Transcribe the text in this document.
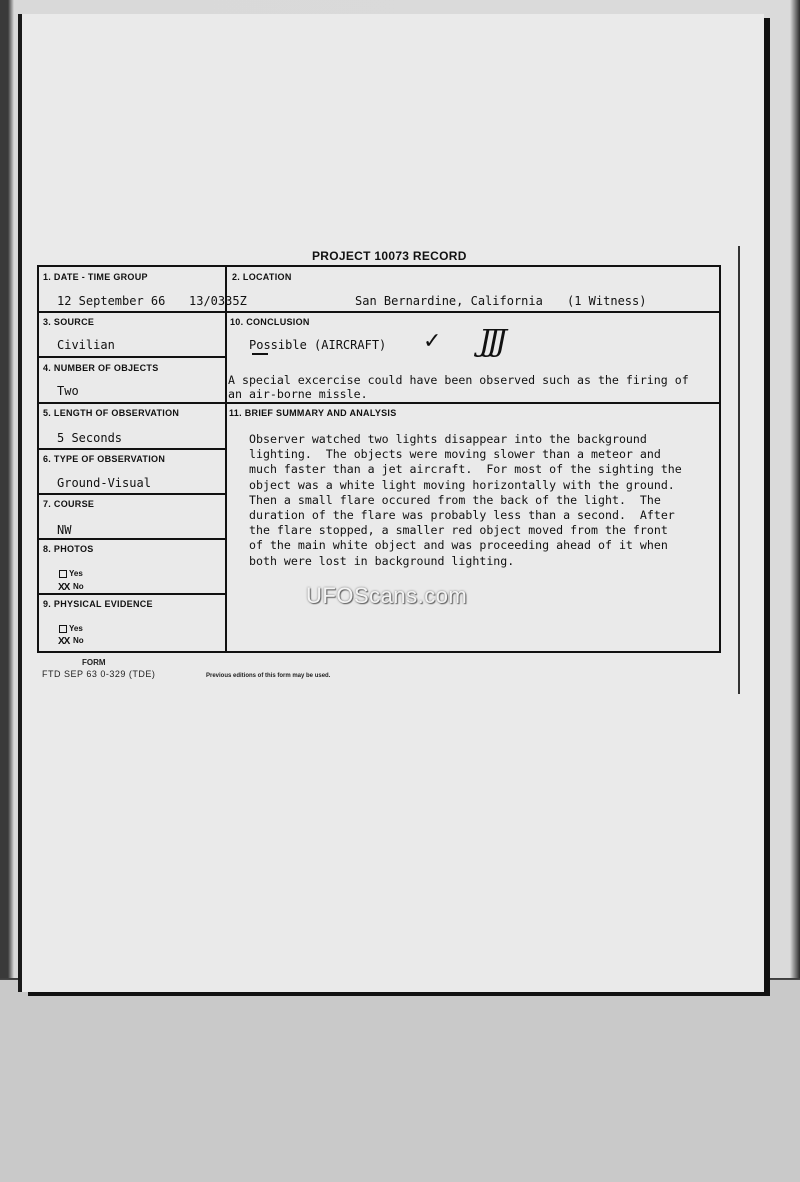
PROJECT 10073 RECORD
1. DATE - TIME GROUP
12 September 66 13/0335Z
2. LOCATION
San Bernardine, California (1 Witness)
3. SOURCE
Civilian
10. CONCLUSION
Possible (AIRCRAFT) ✓ JJJ
A special excercise could have been observed such as the firing of
an air-borne missle.
4. NUMBER OF OBJECTS
Two
5. LENGTH OF OBSERVATION
5 Seconds
11. BRIEF SUMMARY AND ANALYSIS
Observer watched two lights disappear into the background
lighting.  The objects were moving slower than a meteor and
much faster than a jet aircraft.  For most of the sighting the
object was a white light moving horizontally with the ground.
Then a small flare occured from the back of the light.  The
duration of the flare was probably less than a second.  After
the flare stopped, a smaller red object moved from the front
of the main white object and was proceeding ahead of it when
both were lost in background lighting.
6. TYPE OF OBSERVATION
Ground-Visual
7. COURSE
NW
8. PHOTOS
Yes
XX No
9. PHYSICAL EVIDENCE
Yes
XX No
FORM
FTD SEP 63 0-329 (TDE)	Previous editions of this form may be used.
UFOScans.com
